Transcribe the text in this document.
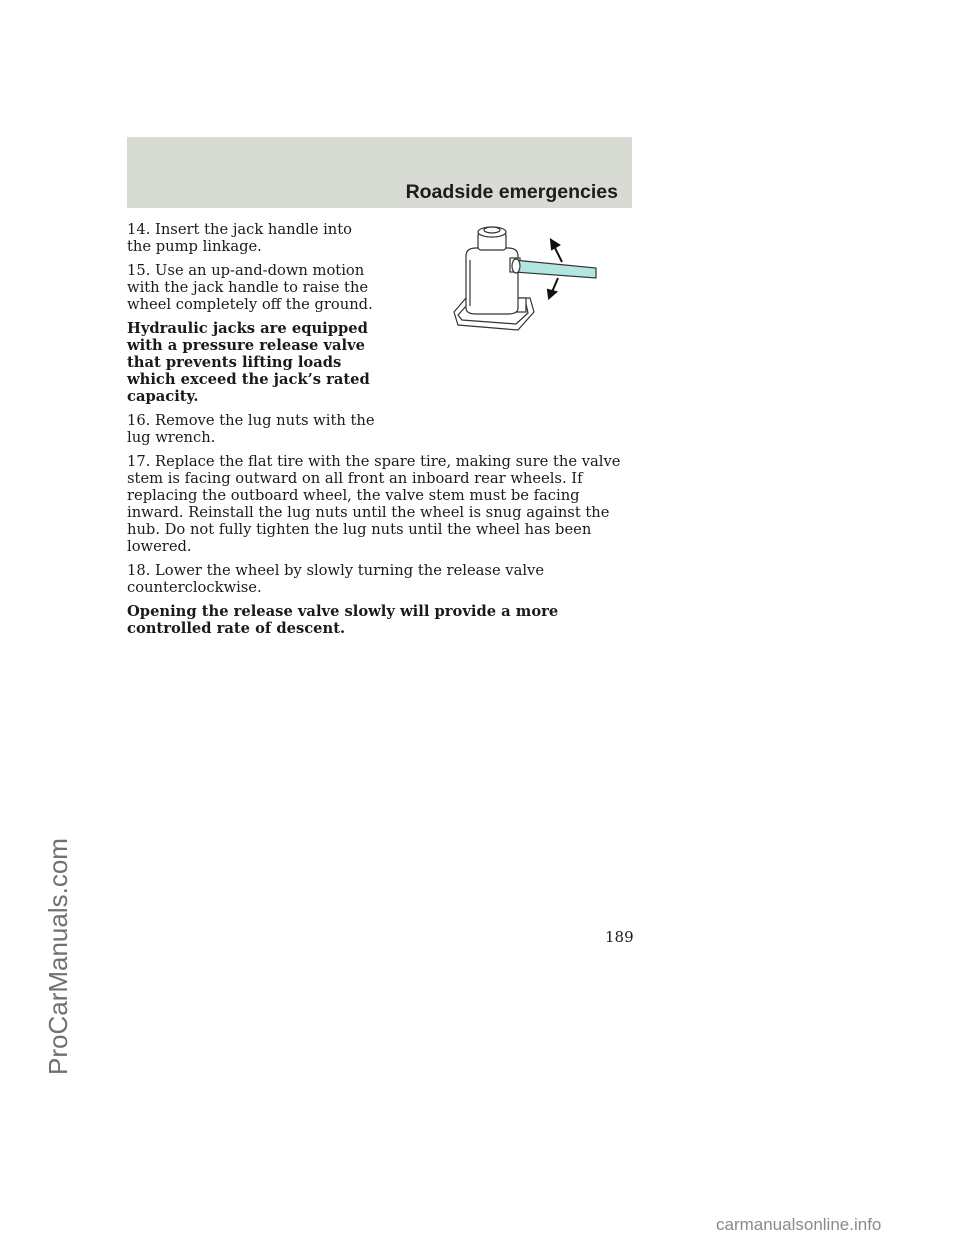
Roadside emergencies

14. Insert the jack handle into the pump linkage.

15. Use an up-and-down motion with the jack handle to raise the wheel completely off the ground.

Hydraulic jacks are equipped with a pressure release valve that prevents lifting loads which exceed the jack’s rated capacity.

16. Remove the lug nuts with the lug wrench.

17. Replace the flat tire with the spare tire, making sure the valve stem is facing outward on all front an inboard rear wheels. If replacing the outboard wheel, the valve stem must be facing inward. Reinstall the lug nuts until the wheel is snug against the hub. Do not fully tighten the lug nuts until the wheel has been lowered.

18. Lower the wheel by slowly turning the release valve counterclockwise.

Opening the release valve slowly will provide a more controlled rate of descent.

189
ProCarManuals.com
carmanualsonline.info
